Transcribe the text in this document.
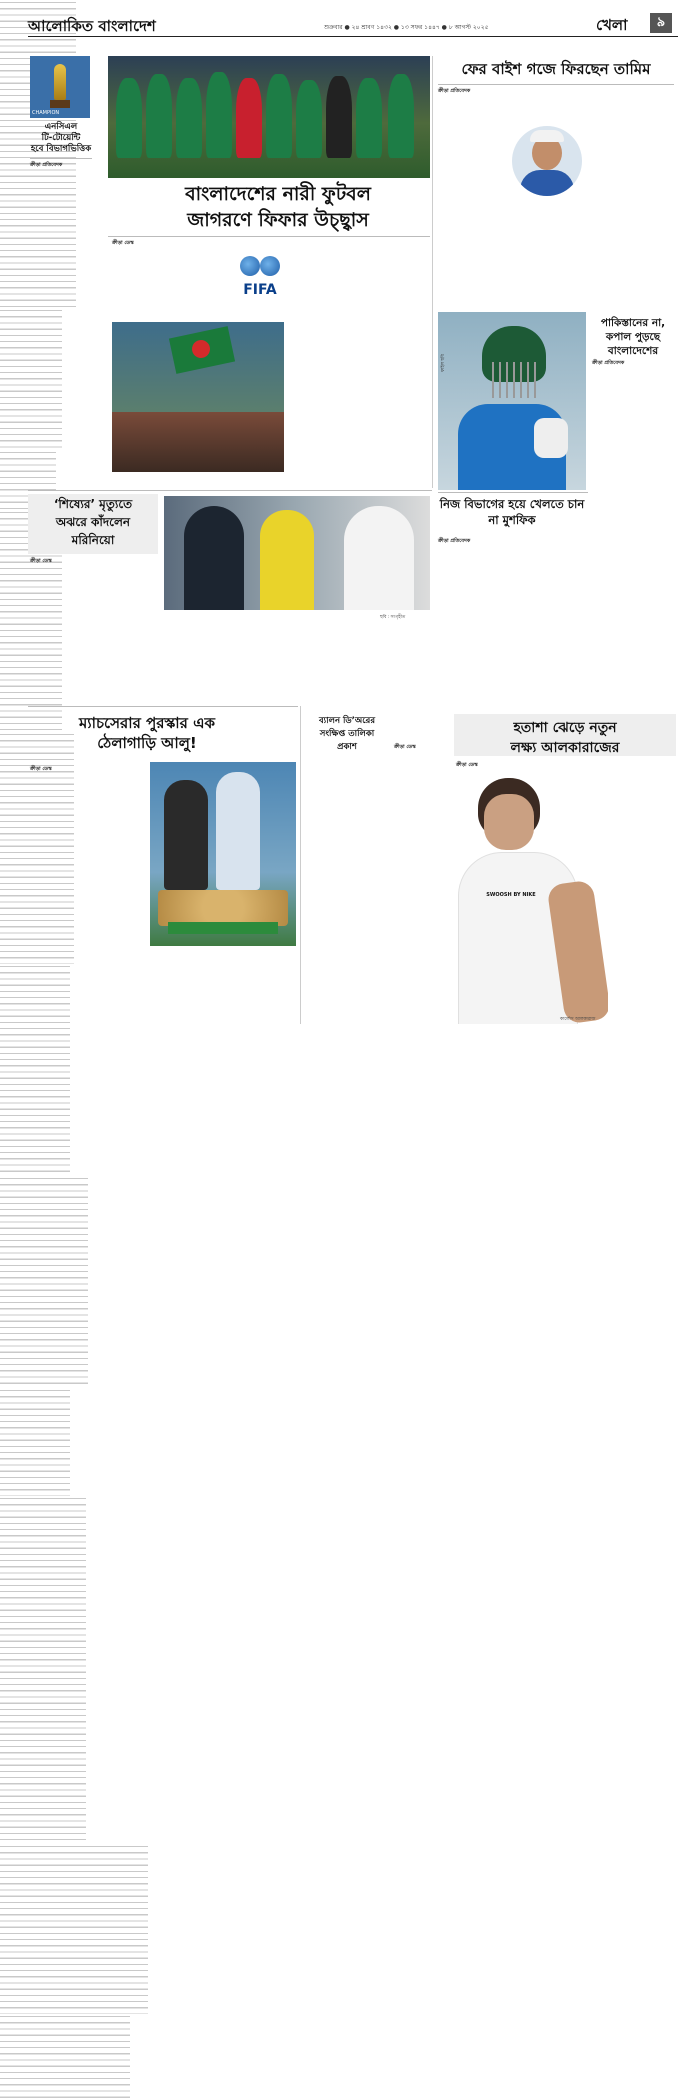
আলোকিত বাংলাদেশ	শুক্রবার ● ২৪ শ্রাবণ ১৪৩২ ● ১৩ সফর ১৪৪৭ ● ৮ আগস্ট ২০২৫	খেলা	৯
CHAMPION
এনসিএল
টি-টোয়েন্টি
হবে বিভাগভিত্তিক
ক্রীড়া প্রতিবেদক
বাংলাদেশের নারী ফুটবল
জাগরণে ফিফার উচ্ছ্বাস
ক্রীড়া ডেস্ক
FIFA
ফের বাইশ গজে ফিরছেন তামিম
ক্রীড়া প্রতিবেদক
ফাইল ছবি
পাকিস্তানের না,
কপাল পুড়ছে
বাংলাদেশের
ক্রীড়া প্রতিবেদক
নিজ বিভাগের হয়ে খেলতে চান না মুশফিক
ক্রীড়া প্রতিবেদক
‘শিষ্যের’ মৃত্যুতে
অঝরে কাঁদলেন
মরিনিয়ো
ক্রীড়া ডেস্ক
ছবি : সংগৃহীত
ম্যাচসেরার পুরস্কার এক
ঠেলাগাড়ি আলু!
ক্রীড়া ডেস্ক
ব্যালন ডি’অরের
সংক্ষিপ্ত তালিকা
প্রকাশ	ক্রীড়া ডেস্ক
হতাশা ঝেড়ে নতুন
লক্ষ্য আলকারাজের
ক্রীড়া ডেস্ক
SWOOSH BY NIKE
কার্লোস আলকারাজ
